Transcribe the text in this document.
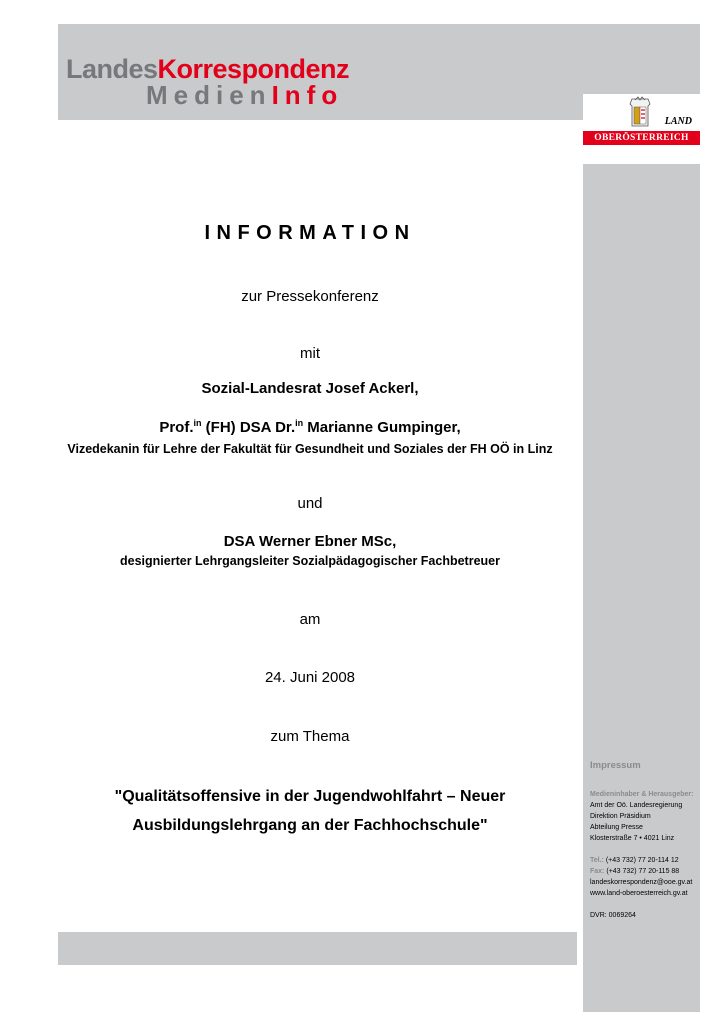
LandesKorrespondenz
MedienInfo
LAND
OBERÖSTERREICH
INFORMATION
zur Pressekonferenz
mit
Sozial-Landesrat Josef Ackerl,
Prof.$^{in}$ (FH) DSA Dr.$^{in}$ Marianne Gumpinger,
Vizedekanin für Lehre der Fakultät für Gesundheit und Soziales der FH OÖ in Linz
und
DSA Werner Ebner MSc,
designierter Lehrgangsleiter Sozialpädagogischer Fachbetreuer
am
24. Juni 2008
zum Thema
"Qualitätsoffensive in der Jugendwohlfahrt – Neuer Ausbildungslehrgang an der Fachhochschule"
Impressum
Medieninhaber & Herausgeber:
Amt der Oö. Landesregierung
Direktion Präsidium
Abteilung Presse
Klosterstraße 7 • 4021 Linz
Tel.: (+43 732) 77 20-114 12
Fax: (+43 732) 77 20-115 88
landeskorrespondenz@ooe.gv.at
www.land-oberoesterreich.gv.at
DVR: 0069264
